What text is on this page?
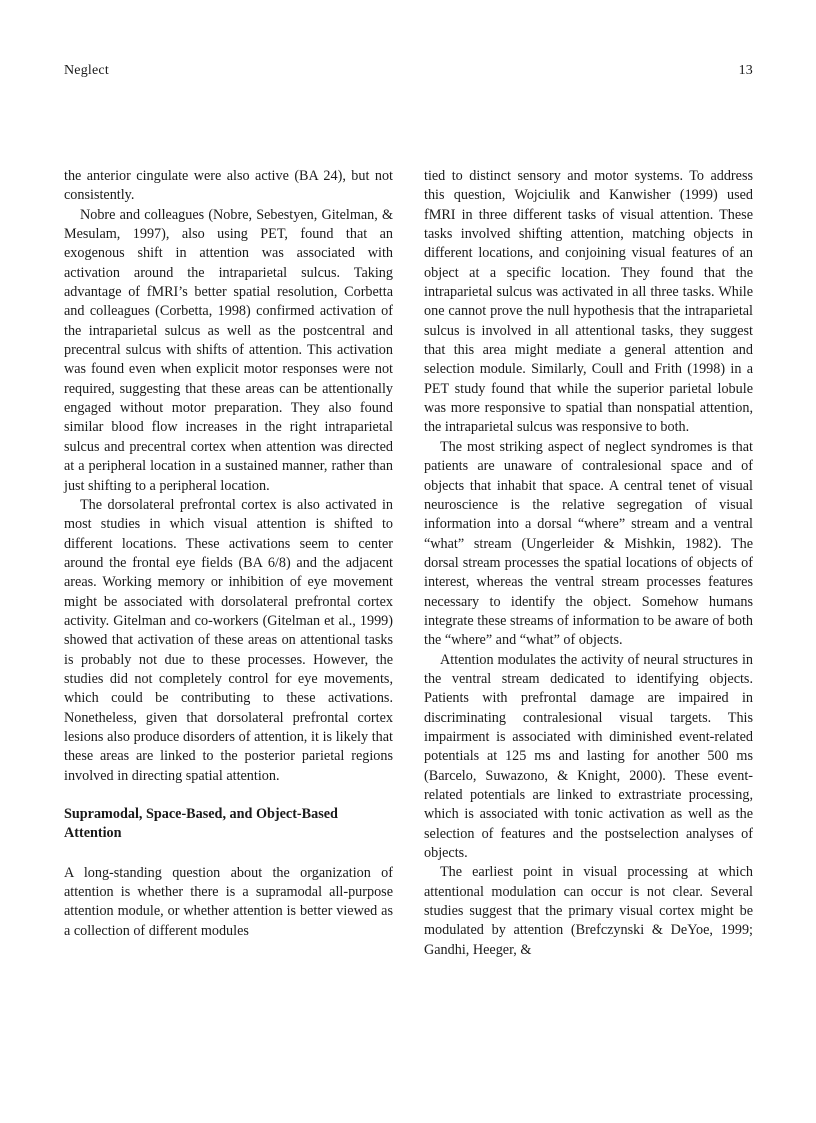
Neglect	13

the anterior cingulate were also active (BA 24), but not consistently.

Nobre and colleagues (Nobre, Sebestyen, Gitelman, & Mesulam, 1997), also using PET, found that an exogenous shift in attention was associated with activation around the intraparietal sulcus. Taking advantage of fMRI’s better spatial resolution, Corbetta and colleagues (Corbetta, 1998) confirmed activation of the intraparietal sulcus as well as the postcentral and precentral sulcus with shifts of attention. This activation was found even when explicit motor responses were not required, suggesting that these areas can be attentionally engaged without motor preparation. They also found similar blood flow increases in the right intraparietal sulcus and precentral cortex when attention was directed at a peripheral location in a sustained manner, rather than just shifting to a peripheral location.

The dorsolateral prefrontal cortex is also activated in most studies in which visual attention is shifted to different locations. These activations seem to center around the frontal eye fields (BA 6/8) and the adjacent areas. Working memory or inhibition of eye movement might be associated with dorsolateral prefrontal cortex activity. Gitelman and co-workers (Gitelman et al., 1999) showed that activation of these areas on attentional tasks is probably not due to these processes. However, the studies did not completely control for eye movements, which could be contributing to these activations. Nonetheless, given that dorsolateral prefrontal cortex lesions also produce disorders of attention, it is likely that these areas are linked to the posterior parietal regions involved in directing spatial attention.

Supramodal, Space-Based, and Object-Based Attention

A long-standing question about the organization of attention is whether there is a supramodal all-purpose attention module, or whether attention is better viewed as a collection of different modules

tied to distinct sensory and motor systems. To address this question, Wojciulik and Kanwisher (1999) used fMRI in three different tasks of visual attention. These tasks involved shifting attention, matching objects in different locations, and conjoining visual features of an object at a specific location. They found that the intraparietal sulcus was activated in all three tasks. While one cannot prove the null hypothesis that the intraparietal sulcus is involved in all attentional tasks, they suggest that this area might mediate a general attention and selection module. Similarly, Coull and Frith (1998) in a PET study found that while the superior parietal lobule was more responsive to spatial than nonspatial attention, the intraparietal sulcus was responsive to both.

The most striking aspect of neglect syndromes is that patients are unaware of contralesional space and of objects that inhabit that space. A central tenet of visual neuroscience is the relative segregation of visual information into a dorsal “where” stream and a ventral “what” stream (Ungerleider & Mishkin, 1982). The dorsal stream processes the spatial locations of objects of interest, whereas the ventral stream processes features necessary to identify the object. Somehow humans integrate these streams of information to be aware of both the “where” and “what” of objects.

Attention modulates the activity of neural structures in the ventral stream dedicated to identifying objects. Patients with prefrontal damage are impaired in discriminating contralesional visual targets. This impairment is associated with diminished event-related potentials at 125 ms and lasting for another 500 ms (Barcelo, Suwazono, & Knight, 2000). These event-related potentials are linked to extrastriate processing, which is associated with tonic activation as well as the selection of features and the postselection analyses of objects.

The earliest point in visual processing at which attentional modulation can occur is not clear. Several studies suggest that the primary visual cortex might be modulated by attention (Brefczynski & DeYoe, 1999; Gandhi, Heeger, &
